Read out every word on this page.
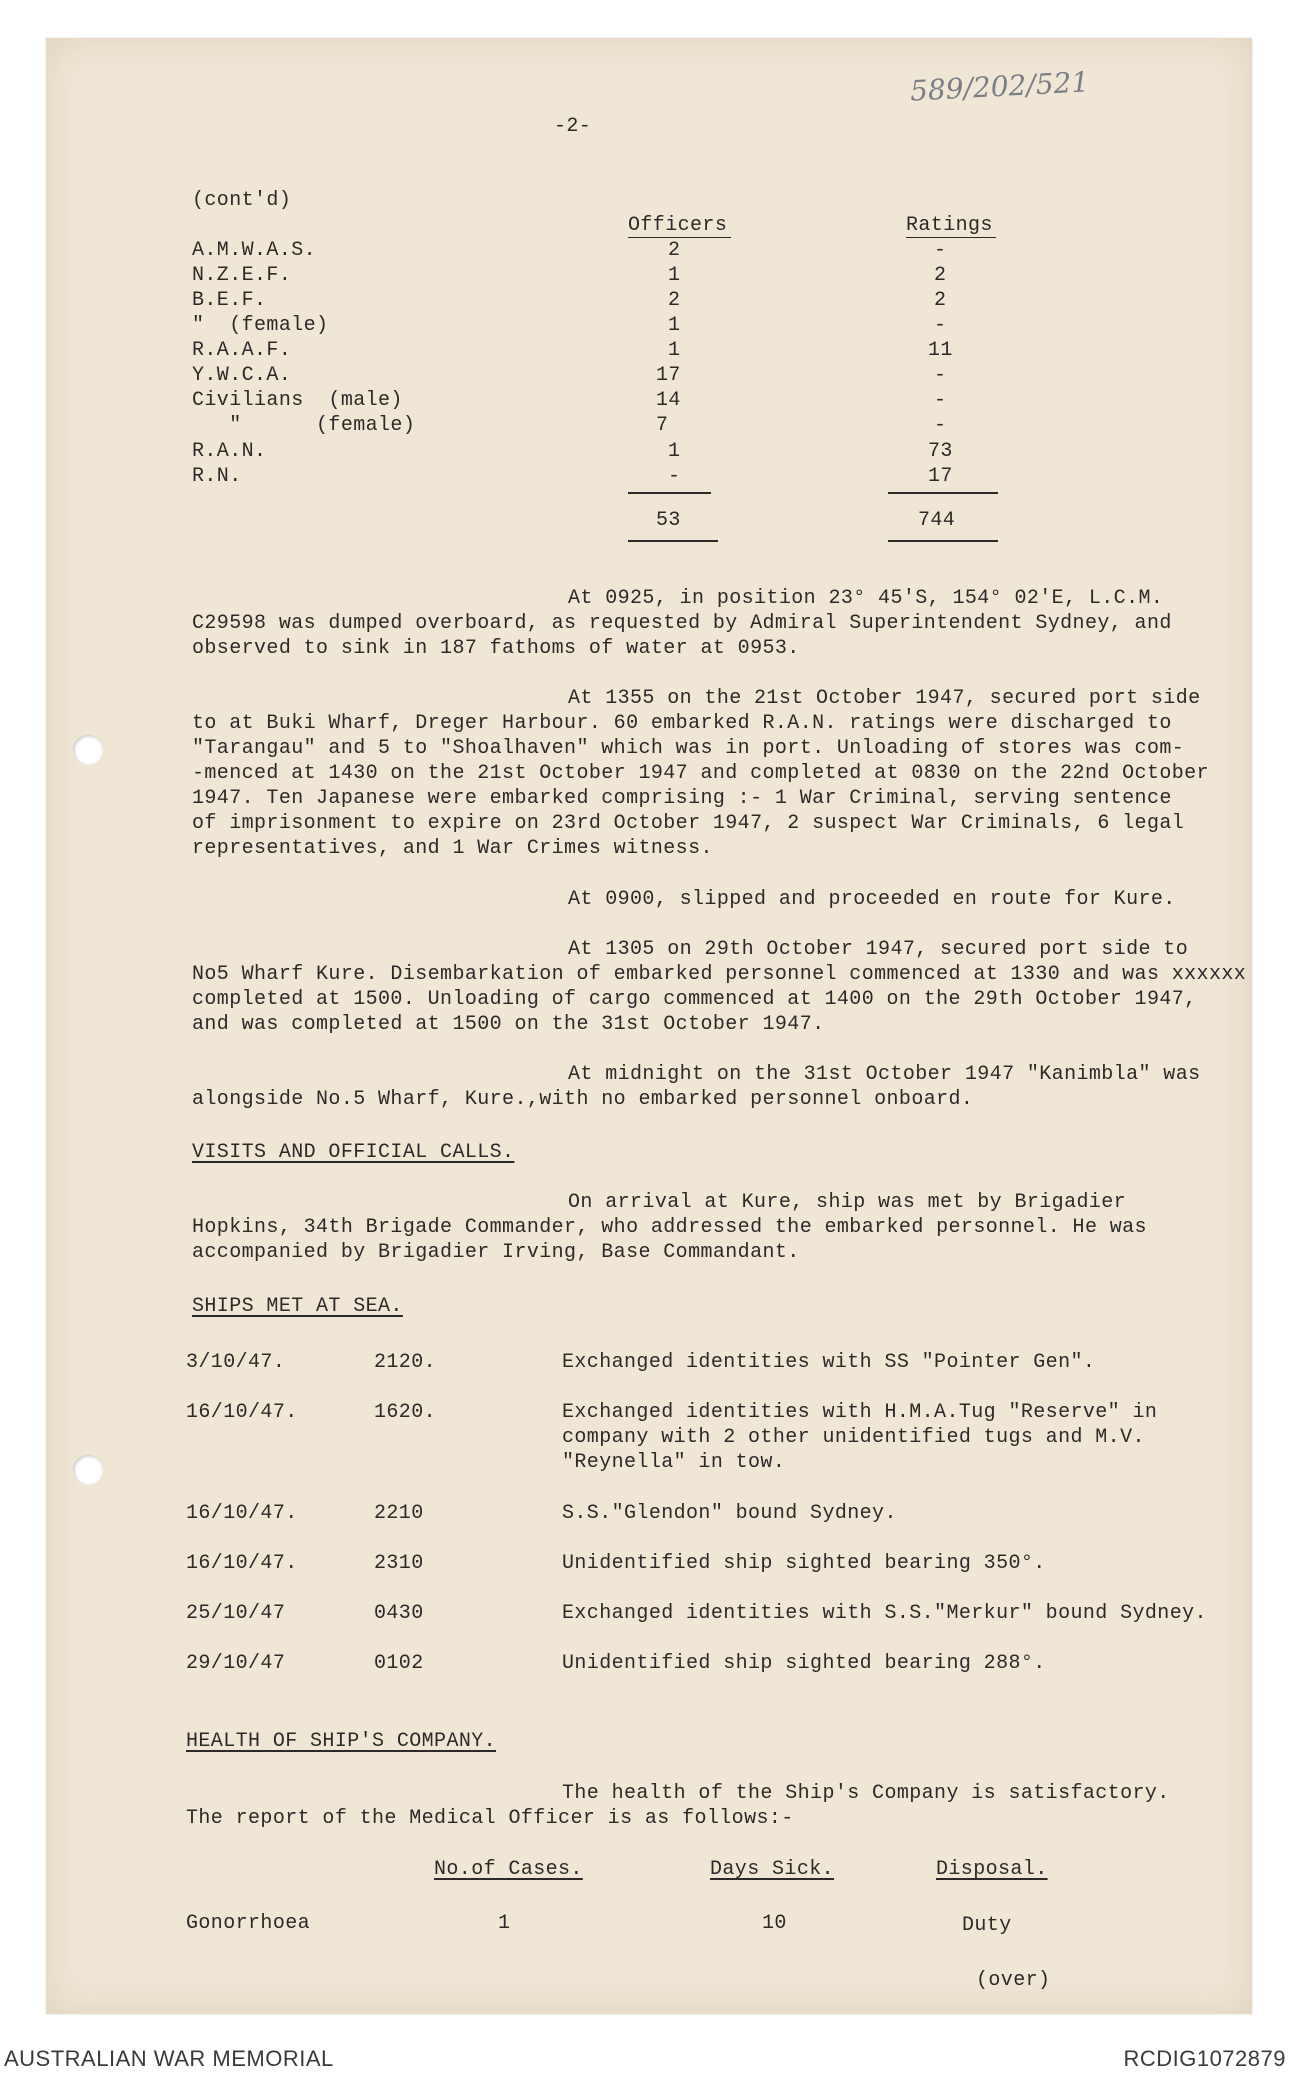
589/202/521
-2-
(cont'd)
Officers	Ratings
A.M.W.A.S.	2	-
N.Z.E.F.	1	2
B.E.F.	2	2
"  (female)	1	-
R.A.A.F.	1	11
Y.W.C.A.	17	-
Civilians  (male)	14	-
"      (female)	7	-
R.A.N.	1	73
R.N.	-	17
53	744
At 0925, in position 23° 45'S, 154° 02'E, L.C.M.
C29598 was dumped overboard, as requested by Admiral Superintendent Sydney, and
observed to sink in 187 fathoms of water at 0953.
At 1355 on the 21st October 1947, secured port side
to at Buki Wharf, Dreger Harbour. 60 embarked R.A.N. ratings were discharged to
"Tarangau" and 5 to "Shoalhaven" which was in port. Unloading of stores was com-
-menced at 1430 on the 21st October 1947 and completed at 0830 on the 22nd October
1947. Ten Japanese were embarked comprising :- 1 War Criminal, serving sentence
of imprisonment to expire on 23rd October 1947, 2 suspect War Criminals, 6 legal
representatives, and 1 War Crimes witness.
At 0900, slipped and proceeded en route for Kure.
At 1305 on 29th October 1947, secured port side to
No5 Wharf Kure. Disembarkation of embarked personnel commenced at 1330 and was xxxxxx
completed at 1500. Unloading of cargo commenced at 1400 on the 29th October 1947,
and was completed at 1500 on the 31st October 1947.
At midnight on the 31st October 1947 "Kanimbla" was
alongside No.5 Wharf, Kure.,with no embarked personnel onboard.
VISITS AND OFFICIAL CALLS.
On arrival at Kure, ship was met by Brigadier
Hopkins, 34th Brigade Commander, who addressed the embarked personnel. He was
accompanied by Brigadier Irving, Base Commandant.
SHIPS MET AT SEA.
3/10/47.	2120.	Exchanged identities with SS "Pointer Gen".
16/10/47.	1620.	Exchanged identities with H.M.A.Tug "Reserve" in
company with 2 other unidentified tugs and M.V.
"Reynella" in tow.
16/10/47.	2210	S.S."Glendon" bound Sydney.
16/10/47.	2310	Unidentified ship sighted bearing 350°.
25/10/47	0430	Exchanged identities with S.S."Merkur" bound Sydney.
29/10/47	0102	Unidentified ship sighted bearing 288°.
HEALTH OF SHIP'S COMPANY.
The health of the Ship's Company is satisfactory.
The report of the Medical Officer is as follows:-
No.of Cases.	Days Sick.	Disposal.
Gonorrhoea	1	10	Duty
(over)
AUSTRALIAN WAR MEMORIAL	RCDIG1072879
